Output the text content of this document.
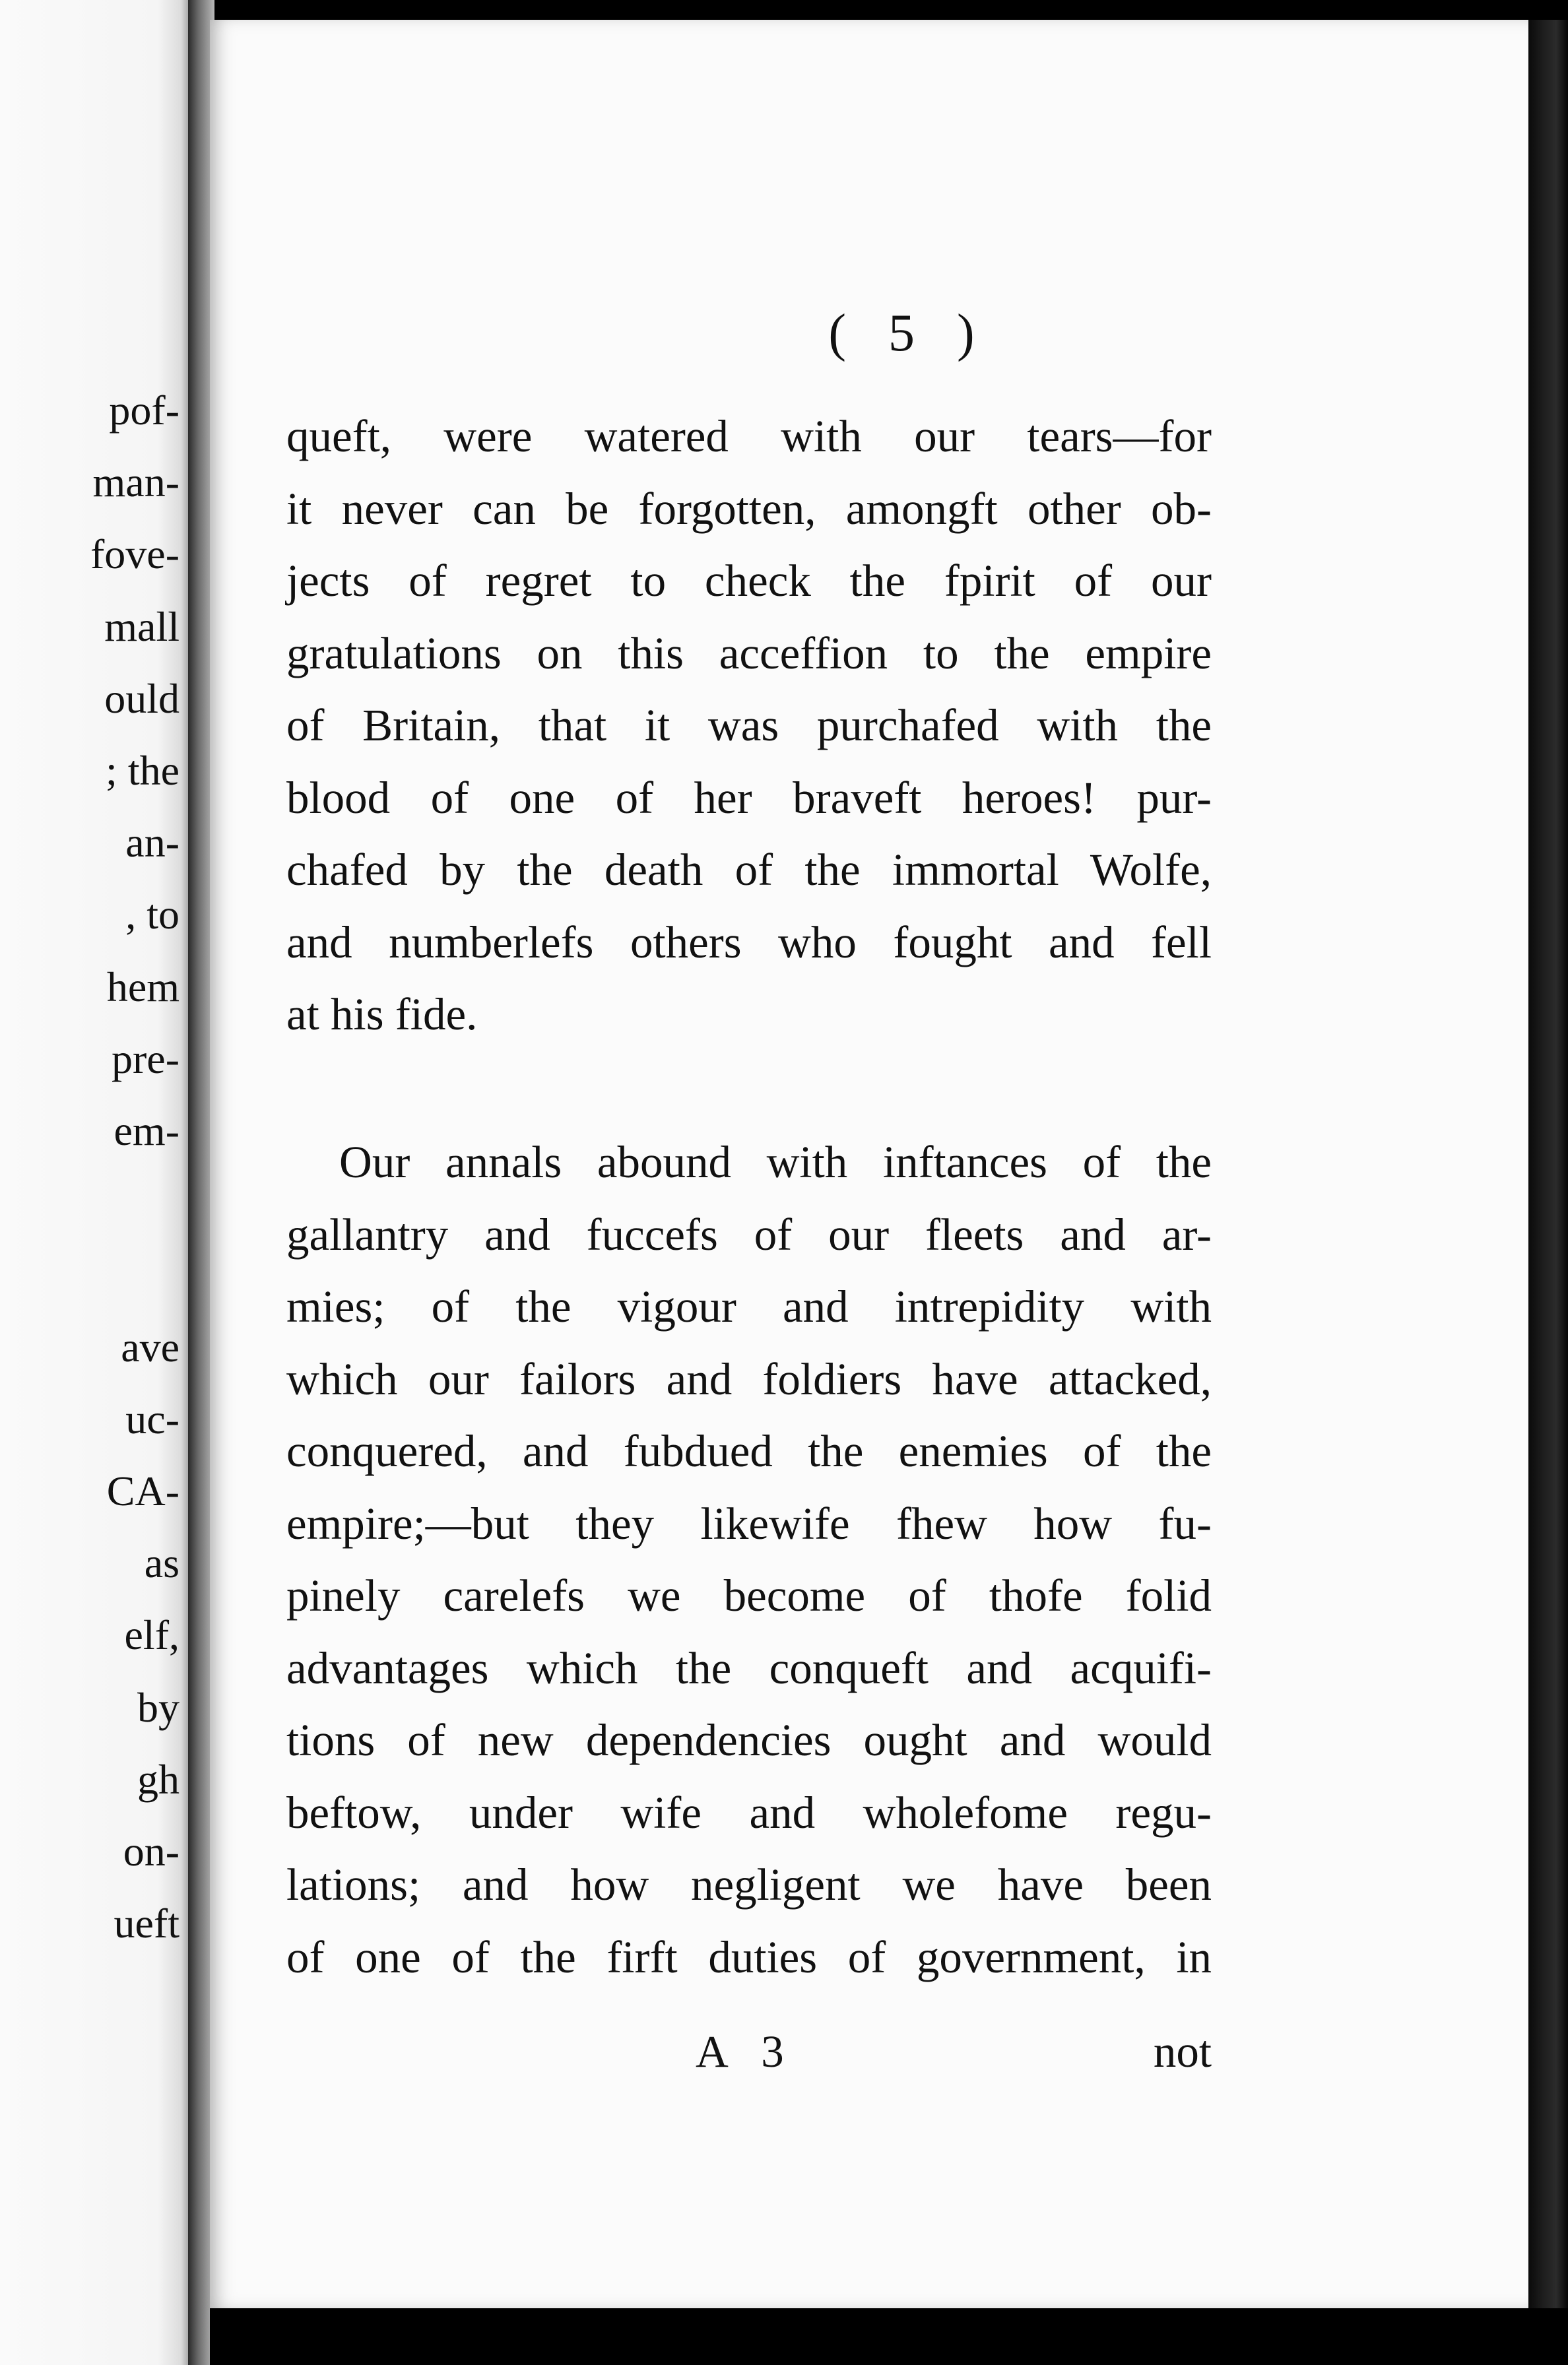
pof-
man-
fove-
mall
ould
; the
an-
, to
hem
pre-
em-
ave
uc-
CA-
as
elf,
by
gh
on-
ueft
( 5 )
queft, were watered with our tears—for
it never can be forgotten, amongft other ob-
jects of regret to check the fpirit of our
gratulations on this acceffion to the empire
of Britain, that it was purchafed with the
blood of one of her braveft heroes! pur-
chafed by the death of the immortal Wolfe,
and numberlefs others who fought and fell
at his fide.
Our annals abound with inftances of the
gallantry and fuccefs of our fleets and ar-
mies; of the vigour and intrepidity with
which our failors and foldiers have attacked,
conquered, and fubdued the enemies of the
empire;—but they likewife fhew how fu-
pinely carelefs we become of thofe folid
advantages which the conqueft and acquifi-
tions of new dependencies ought and would
beftow, under wife and wholefome regu-
lations; and how negligent we have been
of one of the firft duties of government, in
A 3	not
